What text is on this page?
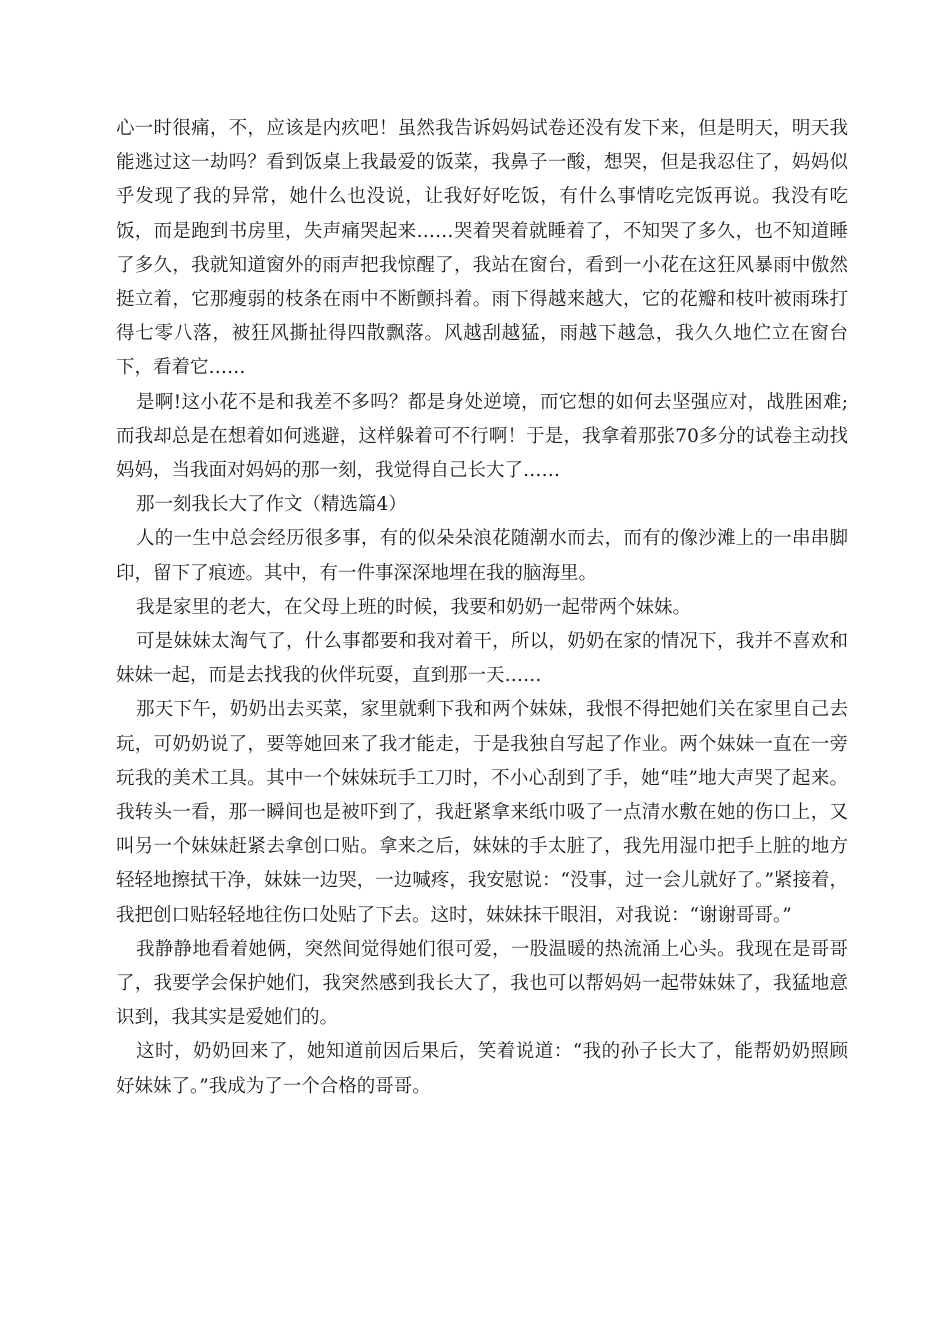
心一时很痛，不，应该是内疚吧！虽然我告诉妈妈试卷还没有发下来，但是明天，明天我能逃过这一劫吗？看到饭桌上我最爱的饭菜，我鼻子一酸，想哭，但是我忍住了，妈妈似乎发现了我的异常，她什么也没说，让我好好吃饭，有什么事情吃完饭再说。我没有吃饭，而是跑到书房里，失声痛哭起来……哭着哭着就睡着了，不知哭了多久，也不知道睡了多久，我就知道窗外的雨声把我惊醒了，我站在窗台，看到一小花在这狂风暴雨中傲然挺立着，它那瘦弱的枝条在雨中不断颤抖着。雨下得越来越大，它的花瓣和枝叶被雨珠打得七零八落，被狂风撕扯得四散飘落。风越刮越猛，雨越下越急，我久久地伫立在窗台下，看着它……

是啊!这小花不是和我差不多吗？都是身处逆境，而它想的如何去坚强应对，战胜困难;而我却总是在想着如何逃避，这样躲着可不行啊！于是，我拿着那张70多分的试卷主动找妈妈，当我面对妈妈的那一刻，我觉得自己长大了……

那一刻我长大了作文（精选篇4）

人的一生中总会经历很多事，有的似朵朵浪花随潮水而去，而有的像沙滩上的一串串脚印，留下了痕迹。其中，有一件事深深地埋在我的脑海里。

我是家里的老大，在父母上班的时候，我要和奶奶一起带两个妹妹。

可是妹妹太淘气了，什么事都要和我对着干，所以，奶奶在家的情况下，我并不喜欢和妹妹一起，而是去找我的伙伴玩耍，直到那一天……

那天下午，奶奶出去买菜，家里就剩下我和两个妹妹，我恨不得把她们关在家里自己去玩，可奶奶说了，要等她回来了我才能走，于是我独自写起了作业。两个妹妹一直在一旁玩我的美术工具。其中一个妹妹玩手工刀时，不小心刮到了手，她“哇”地大声哭了起来。我转头一看，那一瞬间也是被吓到了，我赶紧拿来纸巾吸了一点清水敷在她的伤口上，又叫另一个妹妹赶紧去拿创口贴。拿来之后，妹妹的手太脏了，我先用湿巾把手上脏的地方轻轻地擦拭干净，妹妹一边哭，一边喊疼，我安慰说：“没事，过一会儿就好了。”紧接着，我把创口贴轻轻地往伤口处贴了下去。这时，妹妹抹干眼泪，对我说：“谢谢哥哥。”

我静静地看着她俩，突然间觉得她们很可爱，一股温暖的热流涌上心头。我现在是哥哥了，我要学会保护她们，我突然感到我长大了，我也可以帮妈妈一起带妹妹了，我猛地意识到，我其实是爱她们的。

这时，奶奶回来了，她知道前因后果后，笑着说道：“我的孙子长大了，能帮奶奶照顾好妹妹了。”我成为了一个合格的哥哥。
